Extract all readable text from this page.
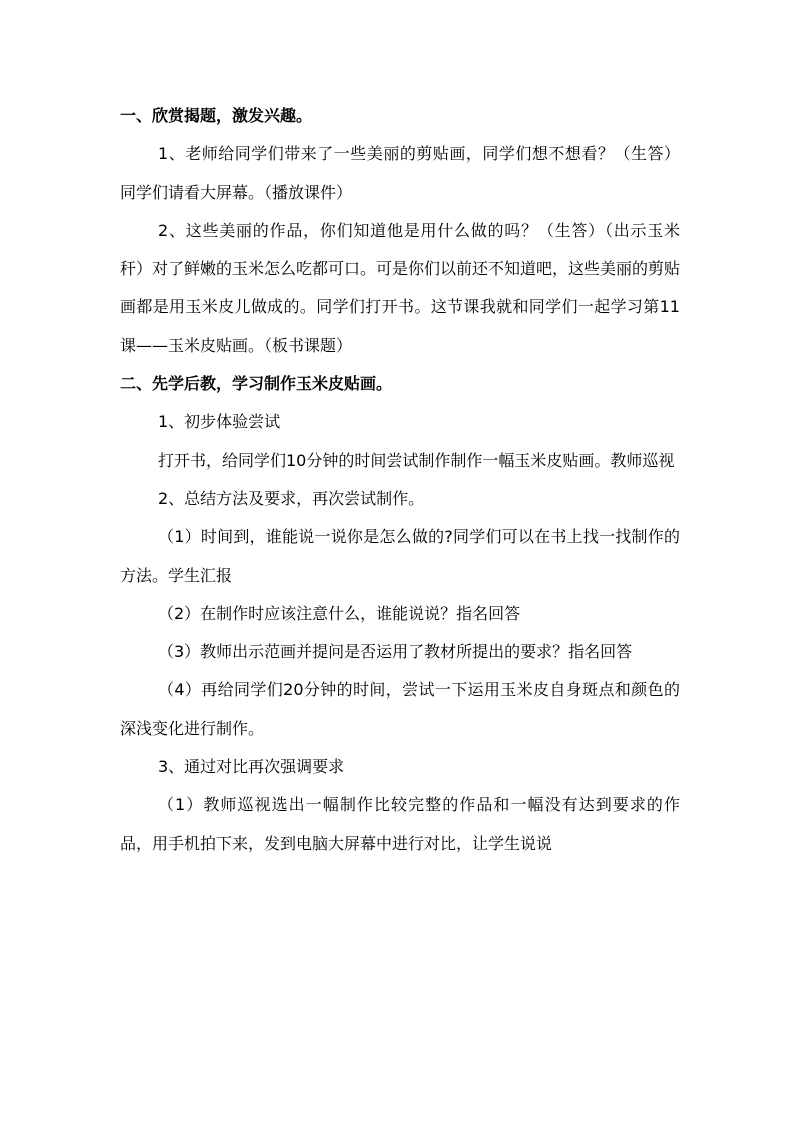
一、欣赏揭题，激发兴趣。

1、老师给同学们带来了一些美丽的剪贴画，同学们想不想看？（生答）同学们请看大屏幕。（播放课件）

2、这些美丽的作品，你们知道他是用什么做的吗？（生答）（出示玉米秆）对了鲜嫩的玉米怎么吃都可口。可是你们以前还不知道吧，这些美丽的剪贴画都是用玉米皮儿做成的。同学们打开书。这节课我就和同学们一起学习第11课——玉米皮贴画。（板书课题）

二、先学后教，学习制作玉米皮贴画。

1、初步体验尝试

打开书，给同学们10分钟的时间尝试制作制作一幅玉米皮贴画。教师巡视

2、总结方法及要求，再次尝试制作。

（1）时间到，谁能说一说你是怎么做的?同学们可以在书上找一找制作的方法。学生汇报

（2）在制作时应该注意什么，谁能说说？指名回答

（3）教师出示范画并提问是否运用了教材所提出的要求？指名回答

（4）再给同学们20分钟的时间，尝试一下运用玉米皮自身斑点和颜色的深浅变化进行制作。

3、通过对比再次强调要求

（1）教师巡视选出一幅制作比较完整的作品和一幅没有达到要求的作品，用手机拍下来，发到电脑大屏幕中进行对比，让学生说说
